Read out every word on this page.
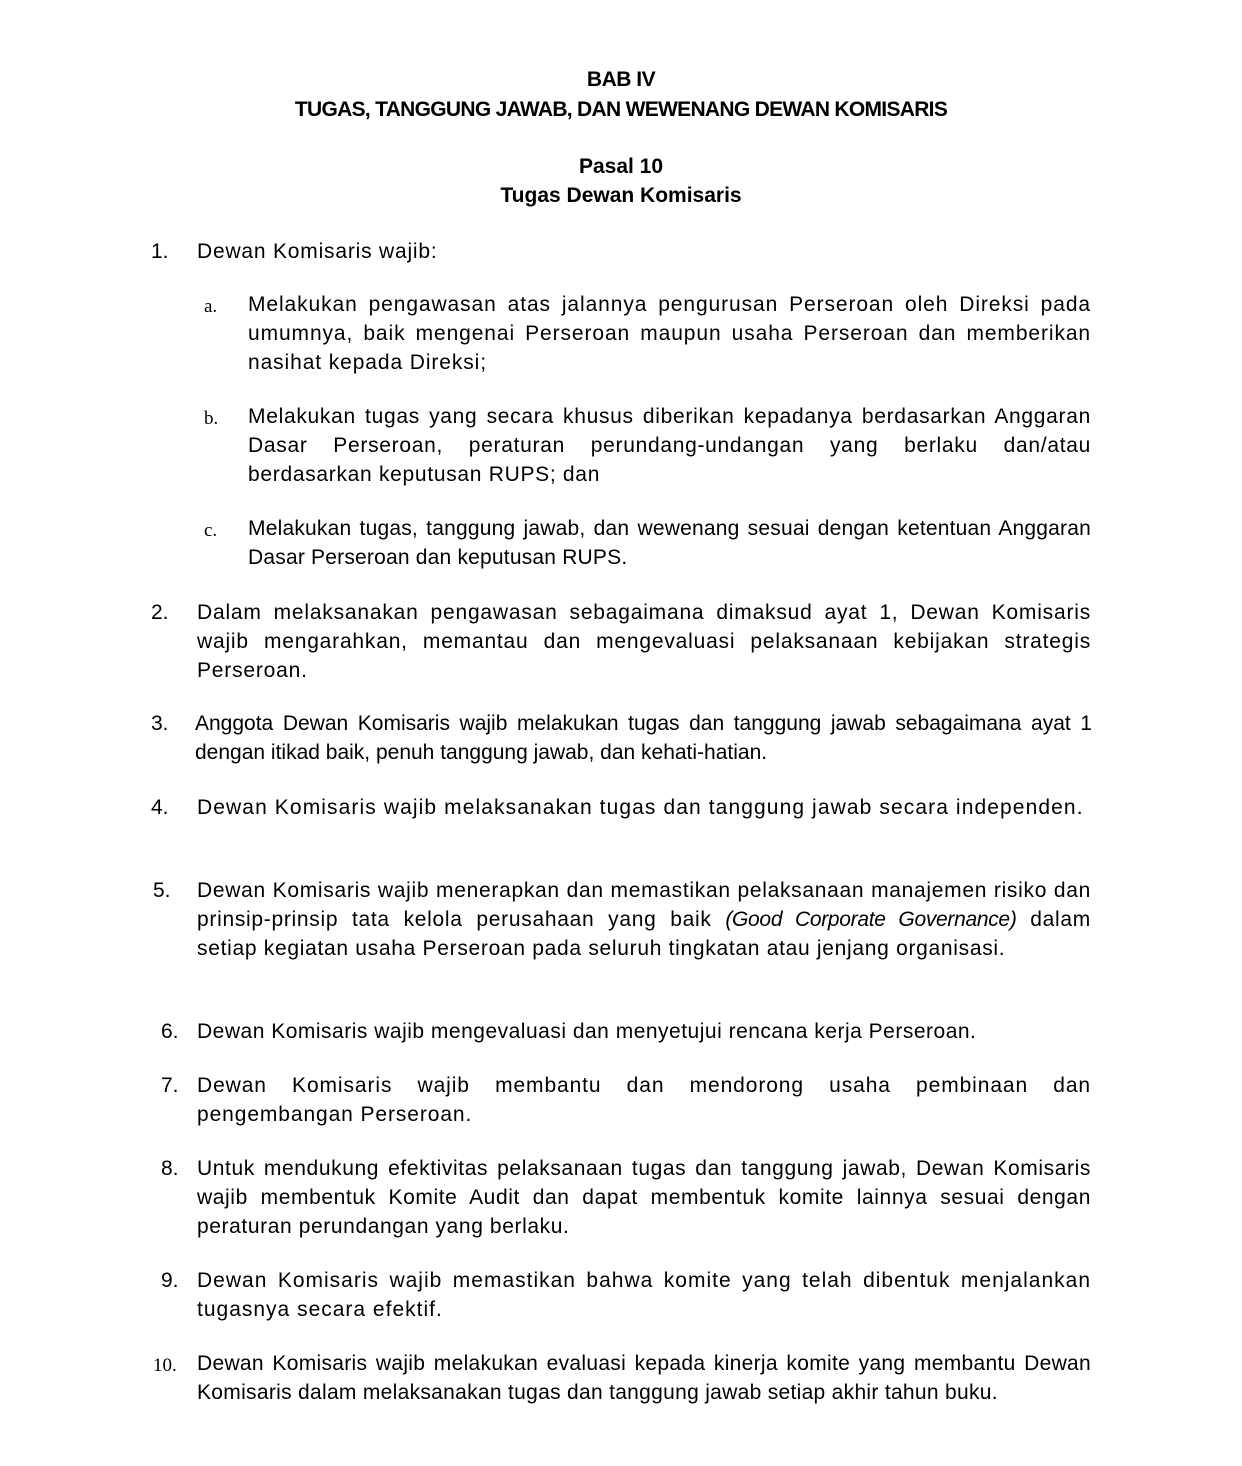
BAB IV
TUGAS, TANGGUNG JAWAB, DAN WEWENANG DEWAN KOMISARIS
Pasal 10
Tugas Dewan Komisaris
1. Dewan Komisaris wajib:
a. Melakukan pengawasan atas jalannya pengurusan Perseroan oleh Direksi pada umumnya, baik mengenai Perseroan maupun usaha Perseroan dan memberikan nasihat kepada Direksi;
b. Melakukan tugas yang secara khusus diberikan kepadanya berdasarkan Anggaran Dasar Perseroan, peraturan perundang-undangan yang berlaku dan/atau berdasarkan keputusan RUPS; dan
c. Melakukan tugas, tanggung jawab, dan wewenang sesuai dengan ketentuan Anggaran Dasar Perseroan dan keputusan RUPS.
2. Dalam melaksanakan pengawasan sebagaimana dimaksud ayat 1, Dewan Komisaris wajib mengarahkan, memantau dan mengevaluasi pelaksanaan kebijakan strategis Perseroan.
3. Anggota Dewan Komisaris wajib melakukan tugas dan tanggung jawab sebagaimana ayat 1 dengan itikad baik, penuh tanggung jawab, dan kehati-hatian.
4. Dewan Komisaris wajib melaksanakan tugas dan tanggung jawab secara independen.
5. Dewan Komisaris wajib menerapkan dan memastikan pelaksanaan manajemen risiko dan prinsip-prinsip tata kelola perusahaan yang baik (Good Corporate Governance) dalam setiap kegiatan usaha Perseroan pada seluruh tingkatan atau jenjang organisasi.
6. Dewan Komisaris wajib mengevaluasi dan menyetujui rencana kerja Perseroan.
7. Dewan Komisaris wajib membantu dan mendorong usaha pembinaan dan pengembangan Perseroan.
8. Untuk mendukung efektivitas pelaksanaan tugas dan tanggung jawab, Dewan Komisaris wajib membentuk Komite Audit dan dapat membentuk komite lainnya sesuai dengan peraturan perundangan yang berlaku.
9. Dewan Komisaris wajib memastikan bahwa komite yang telah dibentuk menjalankan tugasnya secara efektif.
10. Dewan Komisaris wajib melakukan evaluasi kepada kinerja komite yang membantu Dewan Komisaris dalam melaksanakan tugas dan tanggung jawab setiap akhir tahun buku.
